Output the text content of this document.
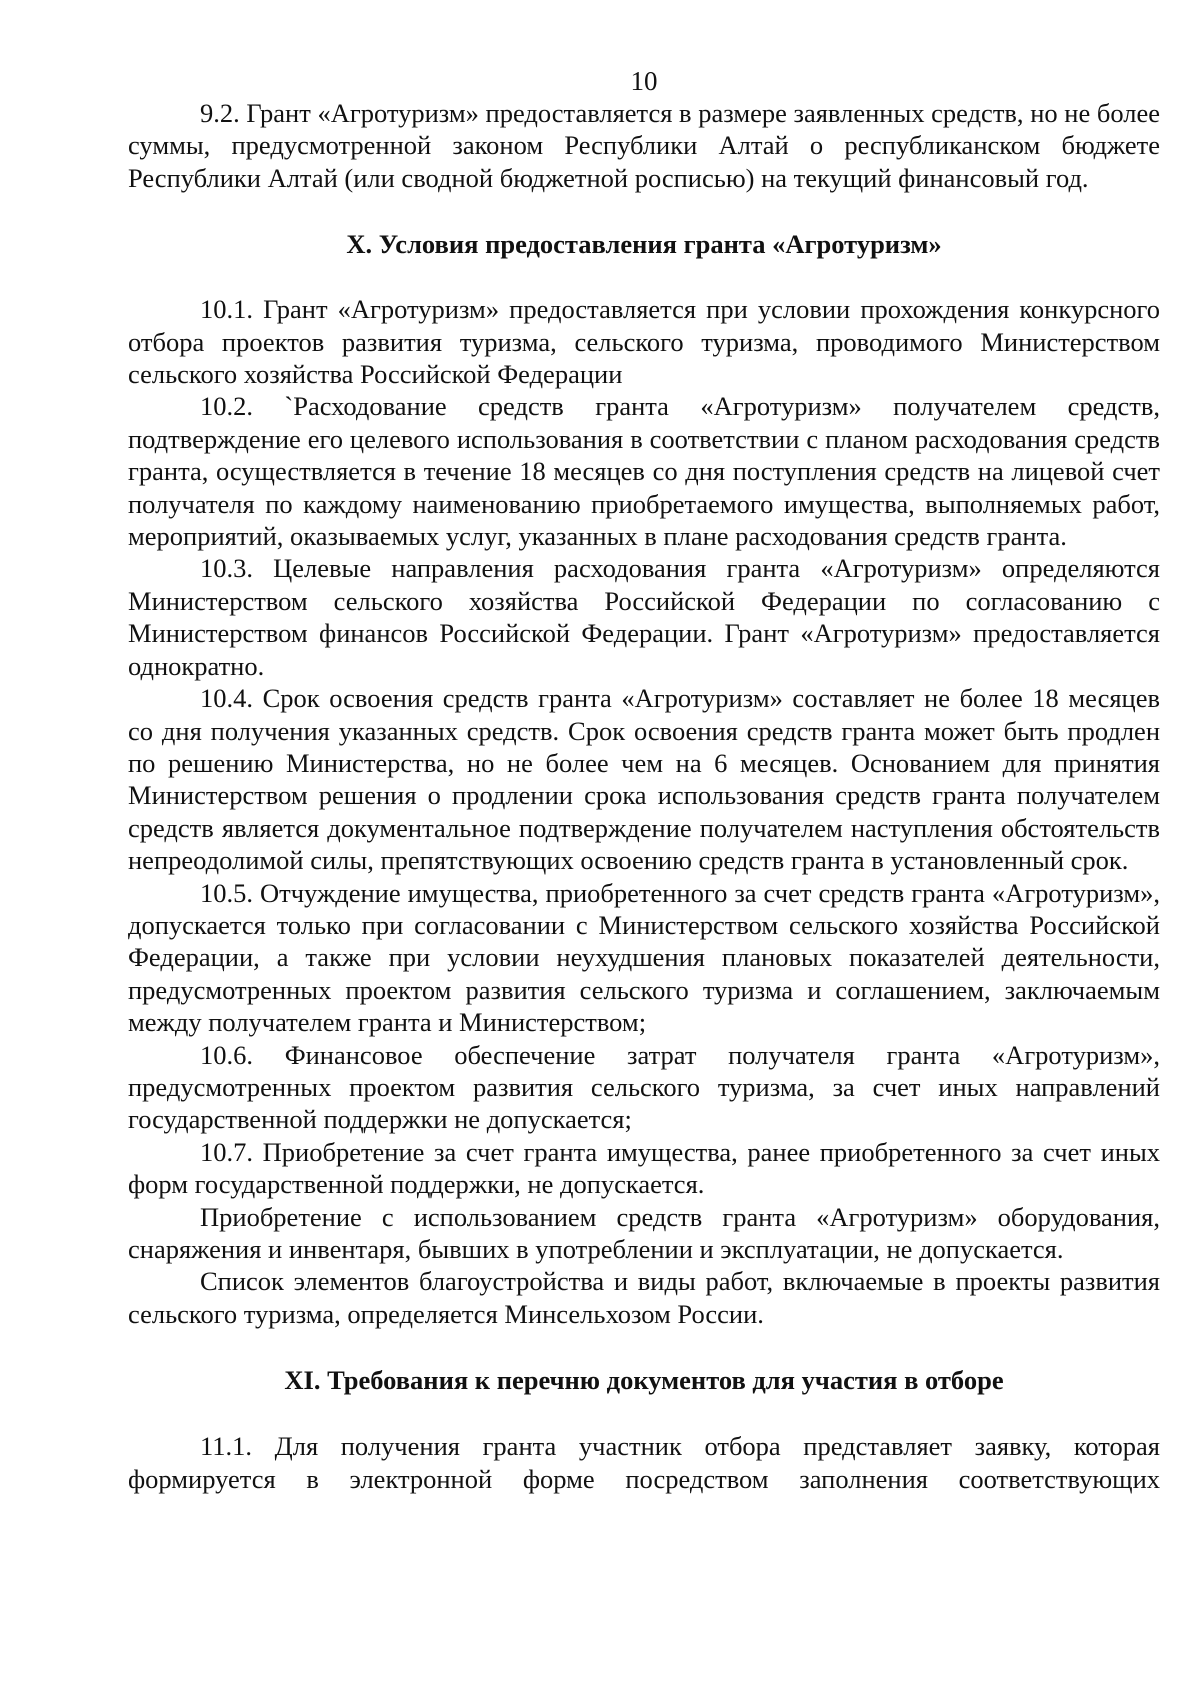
10

9.2. Грант «Агротуризм» предоставляется в размере заявленных средств, но не более суммы, предусмотренной законом Республики Алтай о республиканском бюджете Республики Алтай (или сводной бюджетной росписью) на текущий финансовый год.

X. Условия предоставления гранта «Агротуризм»

10.1. Грант «Агротуризм» предоставляется при условии прохождения конкурсного отбора проектов развития туризма, сельского туризма, проводимого Министерством сельского хозяйства Российской Федерации

10.2. `Расходование средств гранта «Агротуризм» получателем средств, подтверждение его целевого использования в соответствии с планом расходования средств гранта, осуществляется в течение 18 месяцев со дня поступления средств на лицевой счет получателя по каждому наименованию приобретаемого имущества, выполняемых работ, мероприятий, оказываемых услуг, указанных в плане расходования средств гранта.

10.3. Целевые направления расходования гранта «Агротуризм» определяются Министерством сельского хозяйства Российской Федерации по согласованию с Министерством финансов Российской Федерации. Грант «Агротуризм» предоставляется однократно.

10.4. Срок освоения средств гранта «Агротуризм» составляет не более 18 месяцев со дня получения указанных средств. Срок освоения средств гранта может быть продлен по решению Министерства, но не более чем на 6 месяцев. Основанием для принятия Министерством решения о продлении срока использования средств гранта получателем средств является документальное подтверждение получателем наступления обстоятельств непреодолимой силы, препятствующих освоению средств гранта в установленный срок.

10.5. Отчуждение имущества, приобретенного за счет средств гранта «Агротуризм», допускается только при согласовании с Министерством сельского хозяйства Российской Федерации, а также при условии неухудшения плановых показателей деятельности, предусмотренных проектом развития сельского туризма и соглашением, заключаемым между получателем гранта и Министерством;

10.6. Финансовое обеспечение затрат получателя гранта «Агротуризм», предусмотренных проектом развития сельского туризма, за счет иных направлений государственной поддержки не допускается;

10.7. Приобретение за счет гранта имущества, ранее приобретенного за счет иных форм государственной поддержки, не допускается.

Приобретение с использованием средств гранта «Агротуризм» оборудования, снаряжения и инвентаря, бывших в употреблении и эксплуатации, не допускается.

Список элементов благоустройства и виды работ, включаемые в проекты развития сельского туризма, определяется Минсельхозом России.

XI. Требования к перечню документов для участия в отборе

11.1. Для получения гранта участник отбора представляет заявку, которая формируется в электронной форме посредством заполнения соответствующих
